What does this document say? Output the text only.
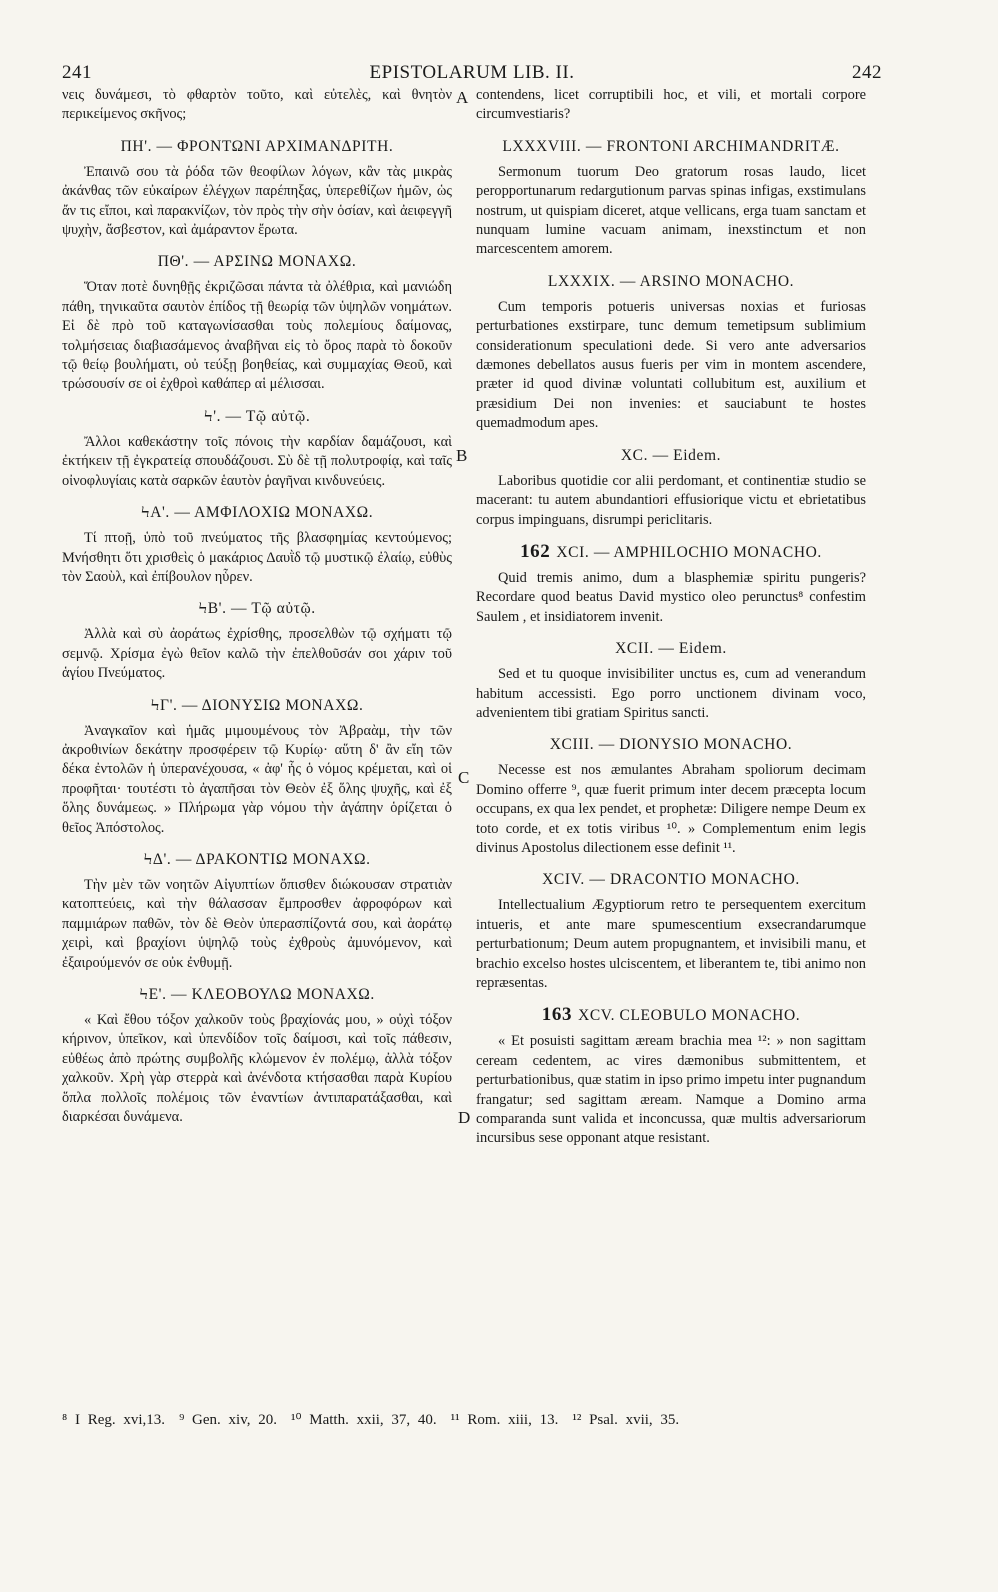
241	EPISTOLARUM LIB. II.	242

νεις δυνάμεσι, τὸ φθαρτὸν τοῦτο, καὶ εὐτελὲς, καὶ θνητὸν περικείμενος σκῆνος;

ΠΗ'. — ΦΡΟΝΤΩΝΙ ΑΡΧΙΜΑΝΔΡΙΤΗ.

Ἐπαινῶ σου τὰ ῥόδα τῶν θεοφίλων λόγων, κἂν τὰς μικρὰς ἀκάνθας τῶν εὐκαίρων ἐλέγχων παρέπηξας, ὑπερεθίζων ἡμῶν, ὡς ἄν τις εἴποι, καὶ παρακνίζων, τὸν πρὸς τὴν σὴν ὁσίαν, καὶ ἀειφεγγῆ ψυχὴν, ἄσβεστον, καὶ ἀμάραντον ἔρωτα.

ΠΘ'. — ΑΡΣΙΝΩ ΜΟΝΑΧΩ.

Ὅταν ποτὲ δυνηθῇς ἐκριζῶσαι πάντα τὰ ὀλέθρια, καὶ μανιώδη πάθη, τηνικαῦτα σαυτὸν ἐπίδος τῇ θεωρίᾳ τῶν ὑψηλῶν νοημάτων. Εἰ δὲ πρὸ τοῦ καταγωνίσασθαι τοὺς πολεμίους δαίμονας, τολμήσειας διαβιασάμενος ἀναβῆναι εἰς τὸ ὄρος παρὰ τὸ δοκοῦν τῷ θείῳ βουλήματι, οὐ τεύξῃ βοηθείας, καὶ συμμαχίας Θεοῦ, καὶ τρώσουσίν σε οἱ ἐχθροὶ καθάπερ αἱ μέλισσαι.

Ϟ'. — Τῷ αὐτῷ.

Ἄλλοι καθεκάστην τοῖς πόνοις τὴν καρδίαν δαμάζουσι, καὶ ἐκτήκειν τῇ ἐγκρατείᾳ σπουδάζουσι. Σὺ δὲ τῇ πολυτροφίᾳ, καὶ ταῖς οἰνοφλυγίαις κατὰ σαρκῶν ἑαυτὸν ῥαγῆναι κινδυνεύεις.

ϞΑ'. — ΑΜΦΙΛΟΧΙΩ ΜΟΝΑΧΩ.

Τί πτοῇ, ὑπὸ τοῦ πνεύματος τῆς βλασφημίας κεντούμενος; Μνήσθητι ὅτι χρισθεὶς ὁ μακάριος Δαυῒδ τῷ μυστικῷ ἐλαίῳ, εὐθὺς τὸν Σαοὺλ, καὶ ἐπίβουλον ηὗρεν.

ϞΒ'. — Τῷ αὐτῷ.

Ἀλλὰ καὶ σὺ ἀοράτως ἐχρίσθης, προσελθὼν τῷ σχήματι τῷ σεμνῷ. Χρίσμα ἐγὼ θεῖον καλῶ τὴν ἐπελθοῦσάν σοι χάριν τοῦ ἁγίου Πνεύματος.

ϞΓ'. — ΔΙΟΝΥΣΙΩ ΜΟΝΑΧΩ.

Ἀναγκαῖον καὶ ἡμᾶς μιμουμένους τὸν Ἀβραὰμ, τὴν τῶν ἀκροθινίων δεκάτην προσφέρειν τῷ Κυρίῳ· αὕτη δ' ἂν εἴη τῶν δέκα ἐντολῶν ἡ ὑπερανέχουσα, « ἀφ' ἧς ὁ νόμος κρέμεται, καὶ οἱ προφῆται· τουτέστι τὸ ἀγαπῆσαι τὸν Θεὸν ἐξ ὅλης ψυχῆς, καὶ ἐξ ὅλης δυνάμεως. » Πλήρωμα γὰρ νόμου τὴν ἀγάπην ὁρίζεται ὁ θεῖος Ἀπόστολος.

ϞΔ'. — ΔΡΑΚΟΝΤΙΩ ΜΟΝΑΧΩ.

Τὴν μὲν τῶν νοητῶν Αἰγυπτίων ὄπισθεν διώκουσαν στρατιὰν κατοπτεύεις, καὶ τὴν θάλασσαν ἔμπροσθεν ἀφροφόρων καὶ παμμιάρων παθῶν, τὸν δὲ Θεὸν ὑπερασπίζοντά σου, καὶ ἀοράτῳ χειρὶ, καὶ βραχίονι ὑψηλῷ τοὺς ἐχθροὺς ἀμυνόμενον, καὶ ἐξαιρούμενόν σε οὐκ ἐνθυμῇ.

ϞΕ'. — ΚΛΕΟΒΟΥΛΩ ΜΟΝΑΧΩ.

« Καὶ ἔθου τόξον χαλκοῦν τοὺς βραχίονάς μου, » οὐχὶ τόξον κήρινον, ὑπεῖκον, καὶ ὑπενδίδον τοῖς δαίμοσι, καὶ τοῖς πάθεσιν, εὐθέως ἀπὸ πρώτης συμβολῆς κλώμενον ἐν πολέμῳ, ἀλλὰ τόξον χαλκοῦν. Χρὴ γὰρ στερρὰ καὶ ἀνένδοτα κτήσασθαι παρὰ Κυρίου ὅπλα πολλοῖς πολέμοις τῶν ἐναντίων ἀντιπαρατάξασθαι, καὶ διαρκέσαι δυνάμενα.

contendens, licet corruptibili hoc, et vili, et mortali corpore circumvestiaris?

LXXXVIII. — FRONTONI ARCHIMANDRITÆ.

Sermonum tuorum Deo gratorum rosas laudo, licet peropportunarum redargutionum parvas spinas infigas, exstimulans nostrum, ut quispiam diceret, atque vellicans, erga tuam sanctam et nunquam lumine vacuam animam, inexstinctum et non marcescentem amorem.

LXXXIX. — ARSINO MONACHO.

Cum temporis potueris universas noxias et furiosas perturbationes exstirpare, tunc demum temetipsum sublimium considerationum speculationi dede. Si vero ante adversarios dæmones debellatos ausus fueris per vim in montem ascendere, præter id quod divinæ voluntati collubitum est, auxilium et præsidium Dei non invenies: et sauciabunt te hostes quemadmodum apes.

XC. — Eidem.

Laboribus quotidie cor alii perdomant, et continentiæ studio se macerant: tu autem abundantiori effusiorique victu et ebrietatibus corpus impinguans, disrumpi periclitaris.

162 XCI. — AMPHILOCHIO MONACHO.

Quid tremis animo, dum a blasphemiæ spiritu pungeris? Recordare quod beatus David mystico oleo perunctus⁸ confestim Saulem , et insidiatorem invenit.

XCII. — Eidem.

Sed et tu quoque invisibiliter unctus es, cum ad venerandum habitum accessisti. Ego porro unctionem divinam voco, advenientem tibi gratiam Spiritus sancti.

XCIII. — DIONYSIO MONACHO.

Necesse est nos æmulantes Abraham spoliorum decimam Domino offerre ⁹, quæ fuerit primum inter decem præcepta locum occupans, ex qua lex pendet, et prophetæ: Diligere nempe Deum ex toto corde, et ex totis viribus ¹⁰. » Complementum enim legis divinus Apostolus dilectionem esse definit ¹¹.

XCIV. — DRACONTIO MONACHO.

Intellectualium Ægyptiorum retro te persequentem exercitum intueris, et ante mare spumescentium exsecrandarumque perturbationum; Deum autem propugnantem, et invisibili manu, et brachio excelso hostes ulciscentem, et liberantem te, tibi animo non repræsentas.

163 XCV. CLEOBULO MONACHO.

« Et posuisti sagittam æream brachia mea ¹²: » non sagittam ceream cedentem, ac vires dæmonibus submittentem, et perturbationibus, quæ statim in ipso primo impetu inter pugnandum frangatur; sed sagittam æream. Namque a Domino arma comparanda sunt valida et inconcussa, quæ multis adversariorum incursibus sese opponant atque resistant.

A
B
C
D
⁸ I Reg. xvi,13. ⁹ Gen. xiv, 20. ¹⁰ Matth. xxii, 37, 40. ¹¹ Rom. xiii, 13. ¹² Psal. xvii, 35.
